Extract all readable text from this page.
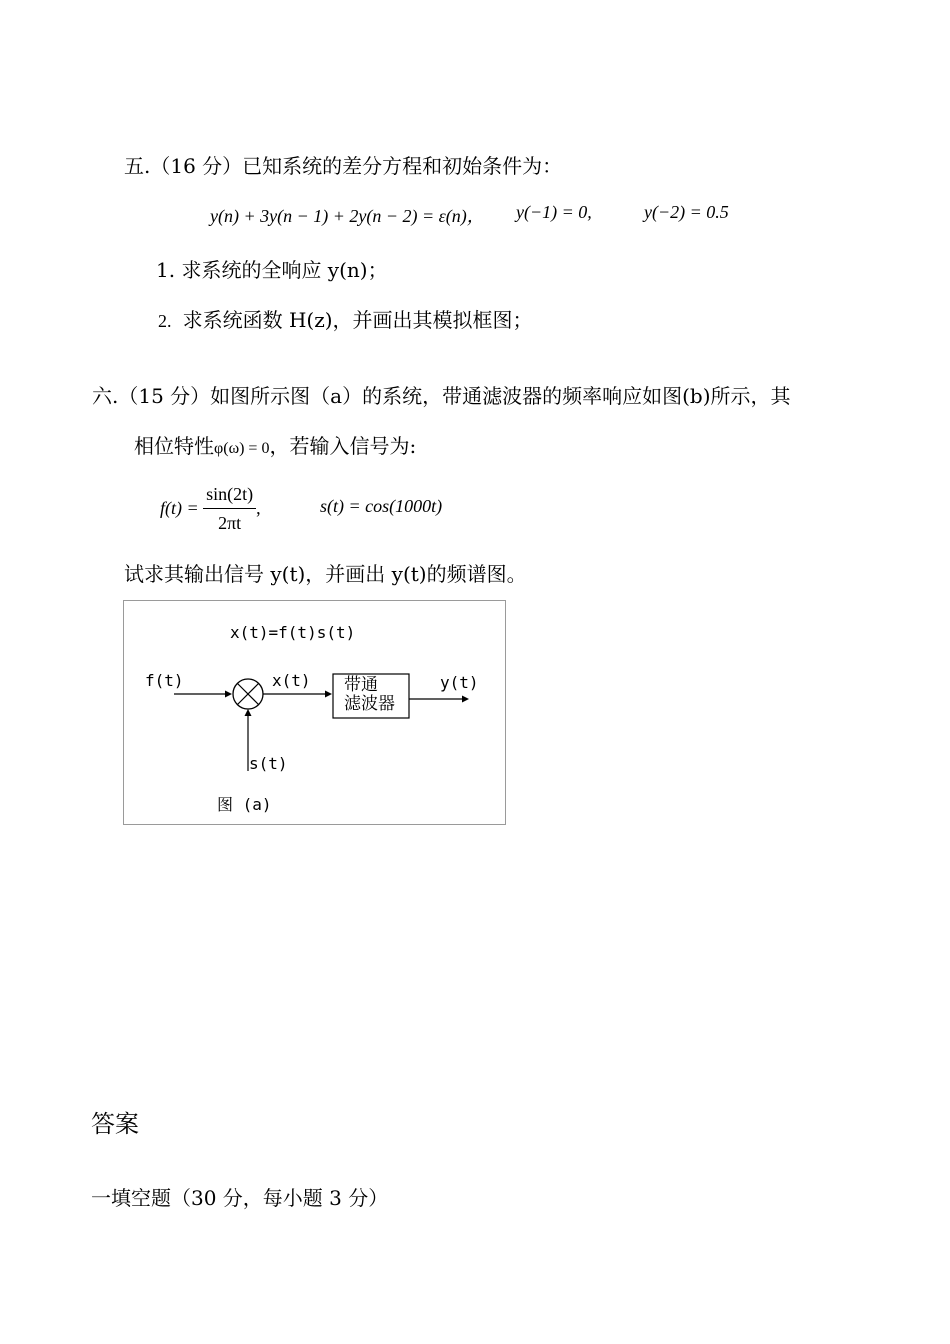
五.（16 分）已知系统的差分方程和初始条件为：
y(n) + 3y(n − 1) + 2y(n − 2) = ε(n)， y(−1) = 0,	y(−2) = 0.5
1. 求系统的全响应 y(n)；
2. 求系统函数 H(z)，并画出其模拟框图；
六.（15 分）如图所示图（a）的系统，带通滤波器的频率响应如图(b)所示，其
相位特性φ(ω) = 0，若输入信号为:
$f(t) = \frac{\sin(2t)}{2\pi t}$ ,	s(t) = cos(1000t)
试求其输出信号 y(t)，并画出 y(t)的频谱图。
x(t)=f(t)s(t)
f(t)	x(t) 带通
滤波器
y(t)
s(t)
图 (a)
答案
一填空题（30 分，每小题 3 分）
